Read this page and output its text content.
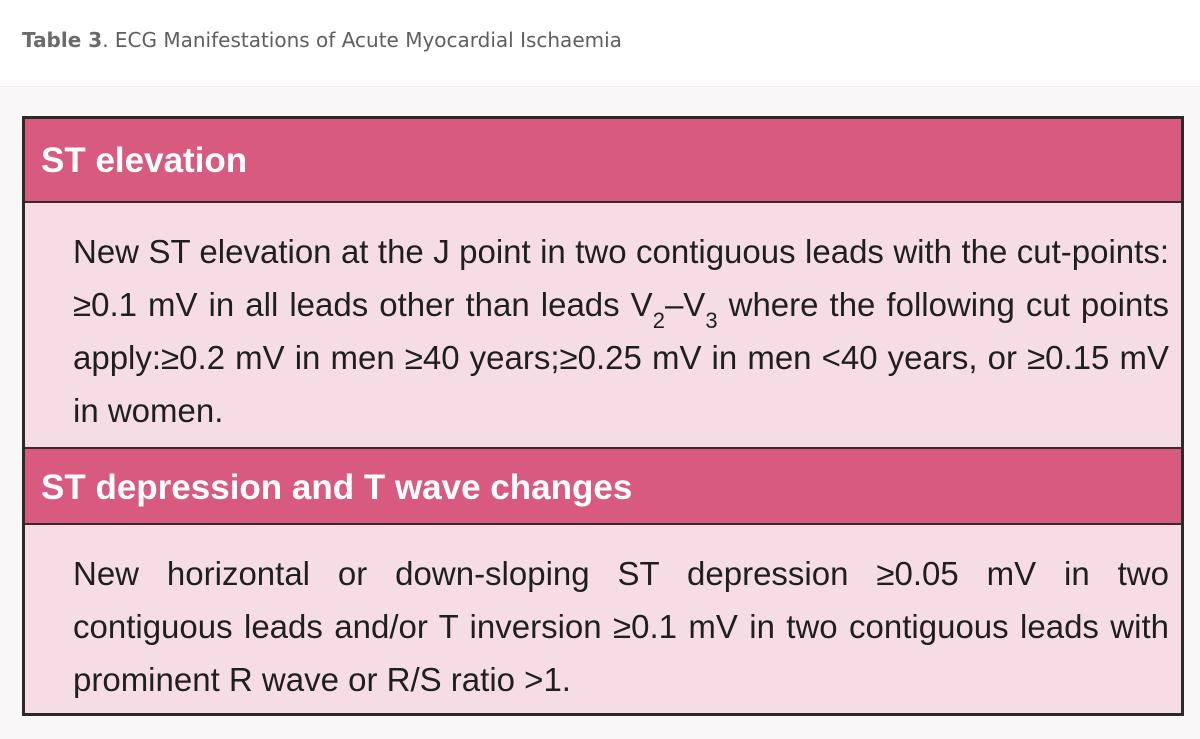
Table 3. ECG Manifestations of Acute Myocardial Ischaemia
ST elevation
New ST elevation at the J point in two contiguous leads with the cut-points: ≥0.1 mV in all leads other than leads $V_2-V_3$ where the following cut points apply:≥0.2 mV in men ≥40 years;≥0.25 mV in men <40 years, or ≥0.15 mV in women.
ST depression and T wave changes
New horizontal or down-sloping ST depression ≥0.05 mV in two contiguous leads and/or T inversion ≥0.1 mV in two contiguous leads with prominent R wave or R/S ratio >1.
